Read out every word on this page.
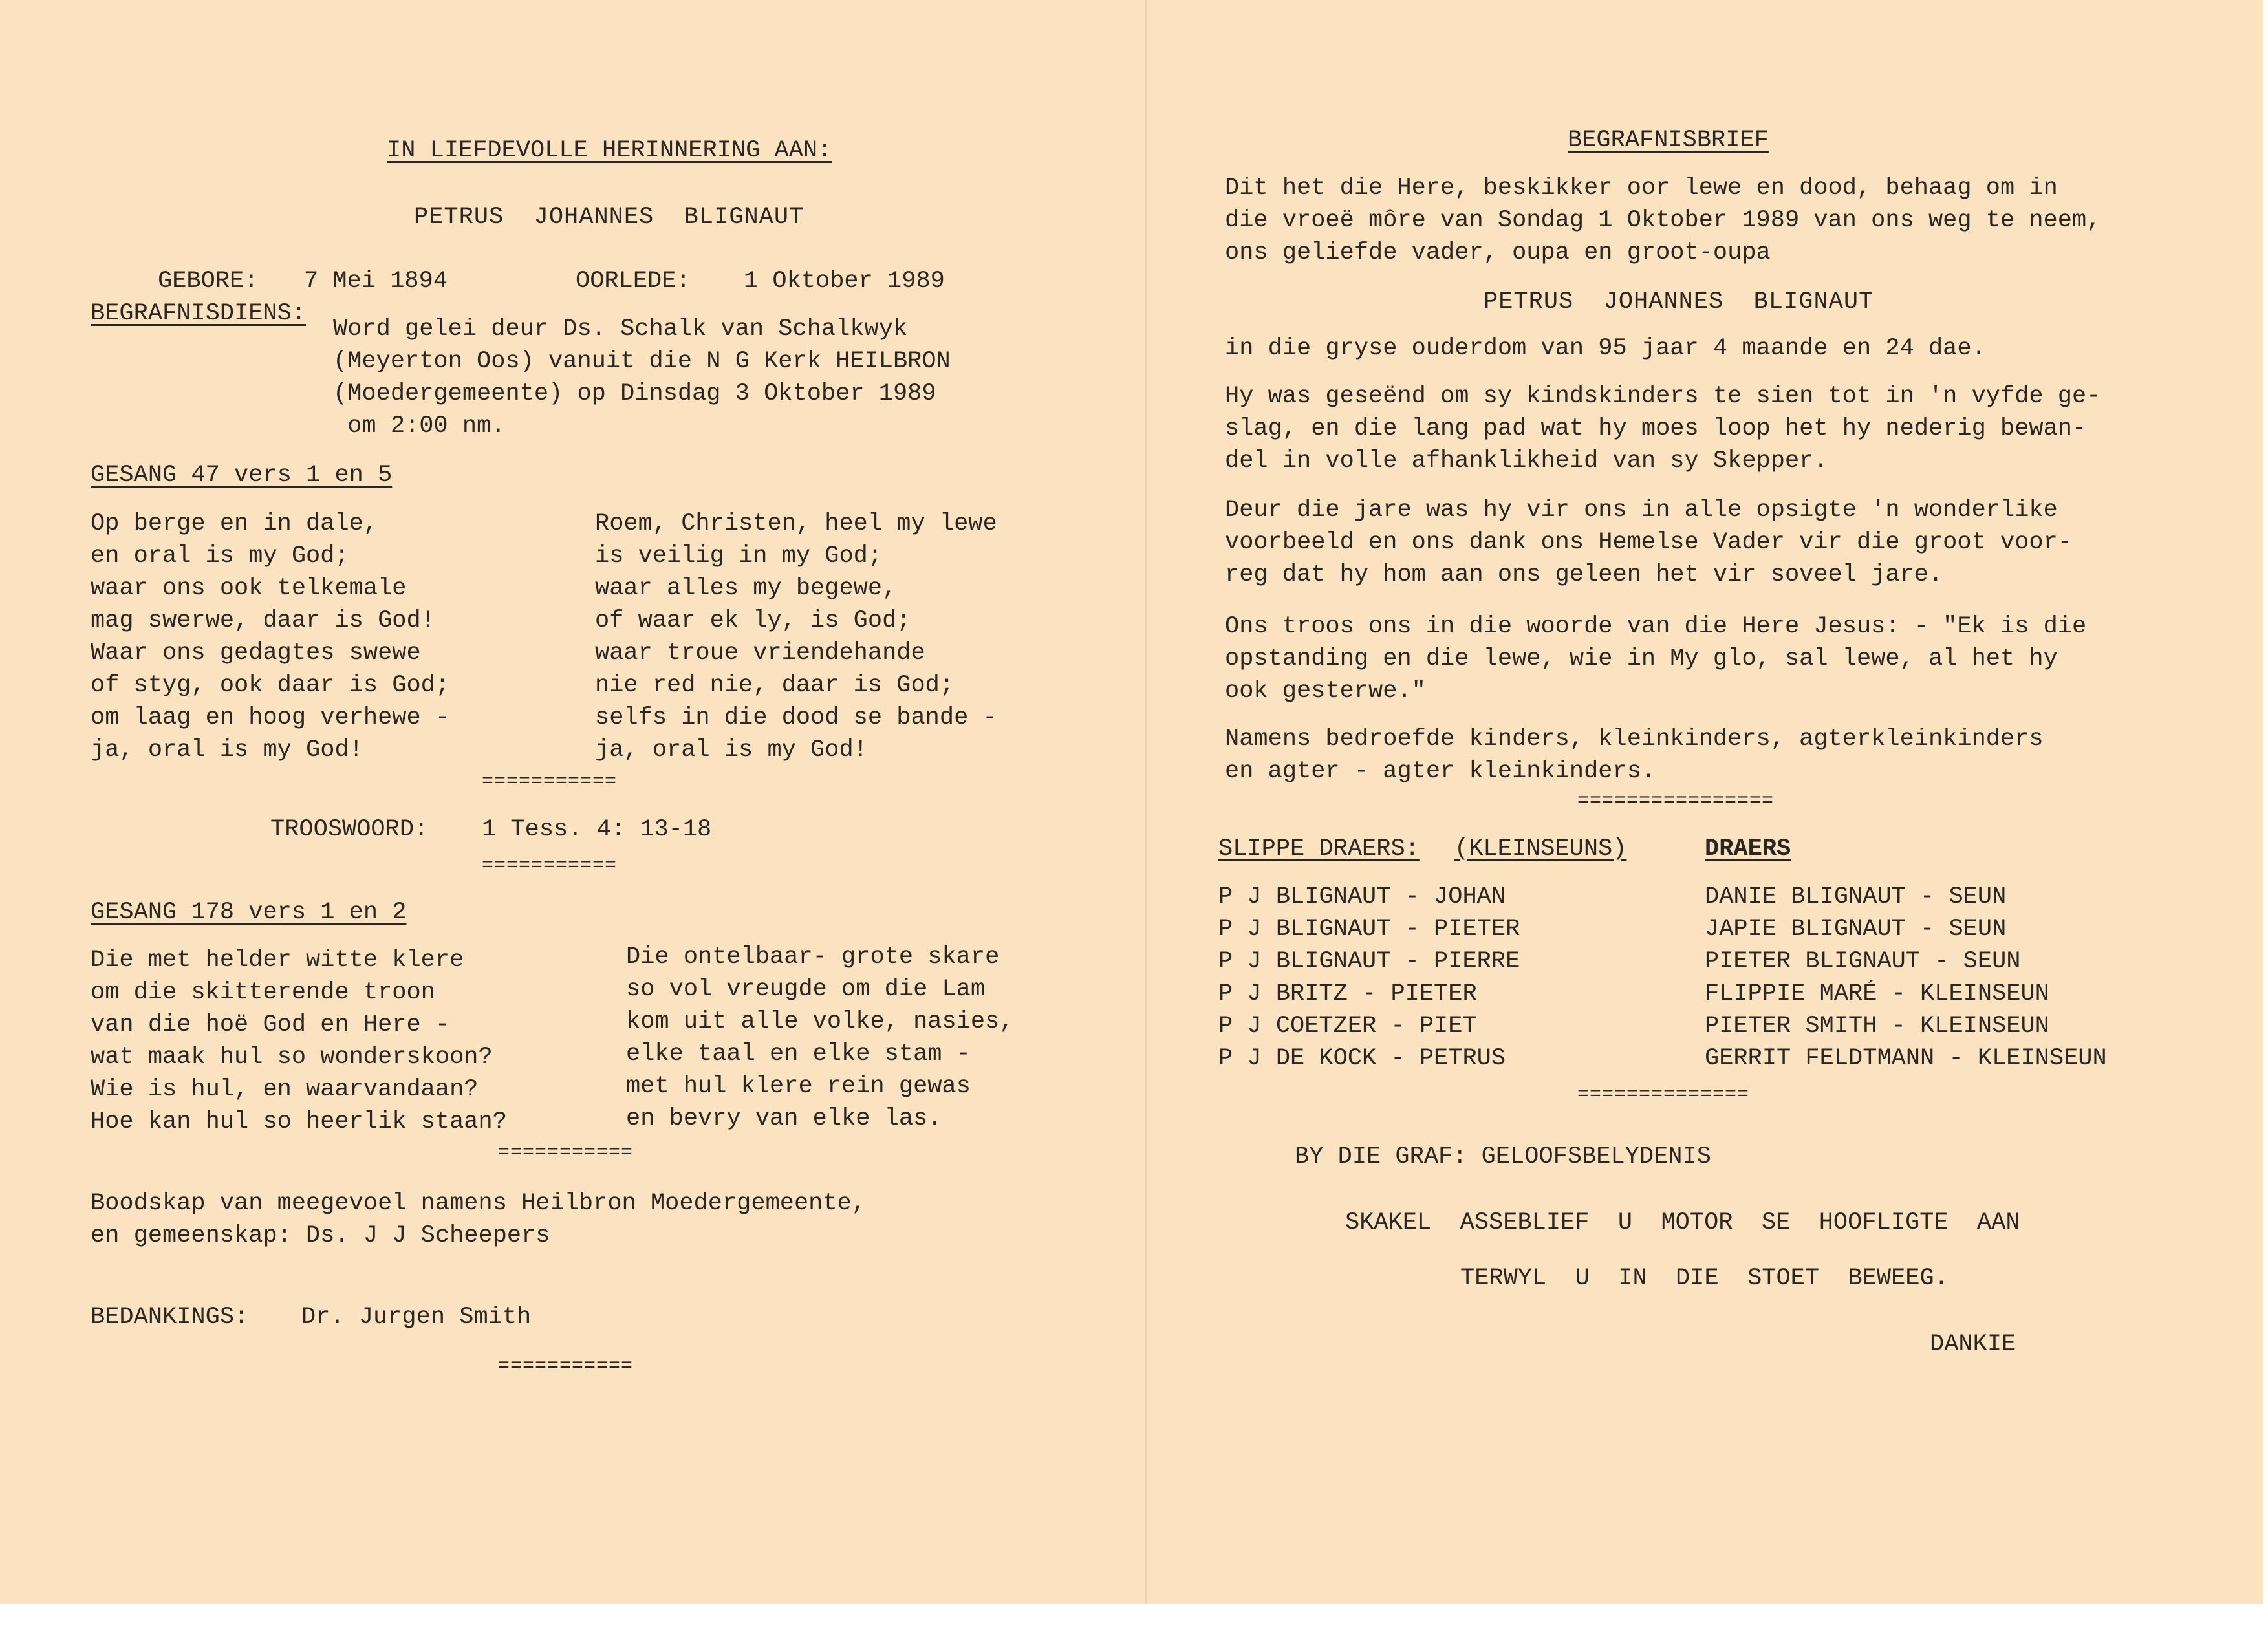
IN LIEFDEVOLLE HERINNERING AAN:
PETRUS  JOHANNES  BLIGNAUT
GEBORE: 7 Mei 1894	OORLEDE: 1 Oktober 1989
BEGRAFNISDIENS:
Word gelei deur Ds. Schalk van Schalkwyk
(Meyerton Oos) vanuit die N G Kerk HEILBRON
(Moedergemeente) op Dinsdag 3 Oktober 1989
om 2:00 nm.
GESANG 47 vers 1 en 5
Op berge en in dale,
en oral is my God;
waar ons ook telkemale
mag swerwe, daar is God!
Waar ons gedagtes swewe
of styg, ook daar is God;
om laag en hoog verhewe -
ja, oral is my God!
Roem, Christen, heel my lewe
is veilig in my God;
waar alles my begewe,
of waar ek ly, is God;
waar troue vriendehande
nie red nie, daar is God;
selfs in die dood se bande -
ja, oral is my God!
===========
TROOSWOORD: 1 Tess. 4: 13-18
===========
GESANG 178 vers 1 en 2
Die met helder witte klere
om die skitterende troon
van die hoë God en Here -
wat maak hul so wonderskoon?
Wie is hul, en waarvandaan?
Hoe kan hul so heerlik staan?
Die ontelbaar- grote skare
so vol vreugde om die Lam
kom uit alle volke, nasies,
elke taal en elke stam -
met hul klere rein gewas
en bevry van elke las.
===========
Boodskap van meegevoel namens Heilbron Moedergemeente,
en gemeenskap: Ds. J J Scheepers
BEDANKINGS: Dr. Jurgen Smith
===========
BEGRAFNISBRIEF
Dit het die Here, beskikker oor lewe en dood, behaag om in
die vroeë môre van Sondag 1 Oktober 1989 van ons weg te neem,
ons geliefde vader, oupa en groot-oupa
PETRUS  JOHANNES  BLIGNAUT
in die gryse ouderdom van 95 jaar 4 maande en 24 dae.
Hy was geseënd om sy kindskinders te sien tot in 'n vyfde ge-
slag, en die lang pad wat hy moes loop het hy nederig bewan-
del in volle afhanklikheid van sy Skepper.
Deur die jare was hy vir ons in alle opsigte 'n wonderlike
voorbeeld en ons dank ons Hemelse Vader vir die groot voor-
reg dat hy hom aan ons geleen het vir soveel jare.
Ons troos ons in die woorde van die Here Jesus: - "Ek is die
opstanding en die lewe, wie in My glo, sal lewe, al het hy
ook gesterwe."
Namens bedroefde kinders, kleinkinders, agterkleinkinders
en agter - agter kleinkinders.
================
SLIPPE DRAERS: (KLEINSEUNS)	DRAERS
P J BLIGNAUT - JOHAN
P J BLIGNAUT - PIETER
P J BLIGNAUT - PIERRE
P J BRITZ - PIETER
P J COETZER - PIET
P J DE KOCK - PETRUS
DANIE BLIGNAUT - SEUN
JAPIE BLIGNAUT - SEUN
PIETER BLIGNAUT - SEUN
FLIPPIE MARÉ - KLEINSEUN
PIETER SMITH - KLEINSEUN
GERRIT FELDTMANN - KLEINSEUN
==============
BY DIE GRAF: GELOOFSBELYDENIS
SKAKEL  ASSEBLIEF  U  MOTOR  SE  HOOFLIGTE  AAN
TERWYL  U  IN  DIE  STOET  BEWEEG.
DANKIE
